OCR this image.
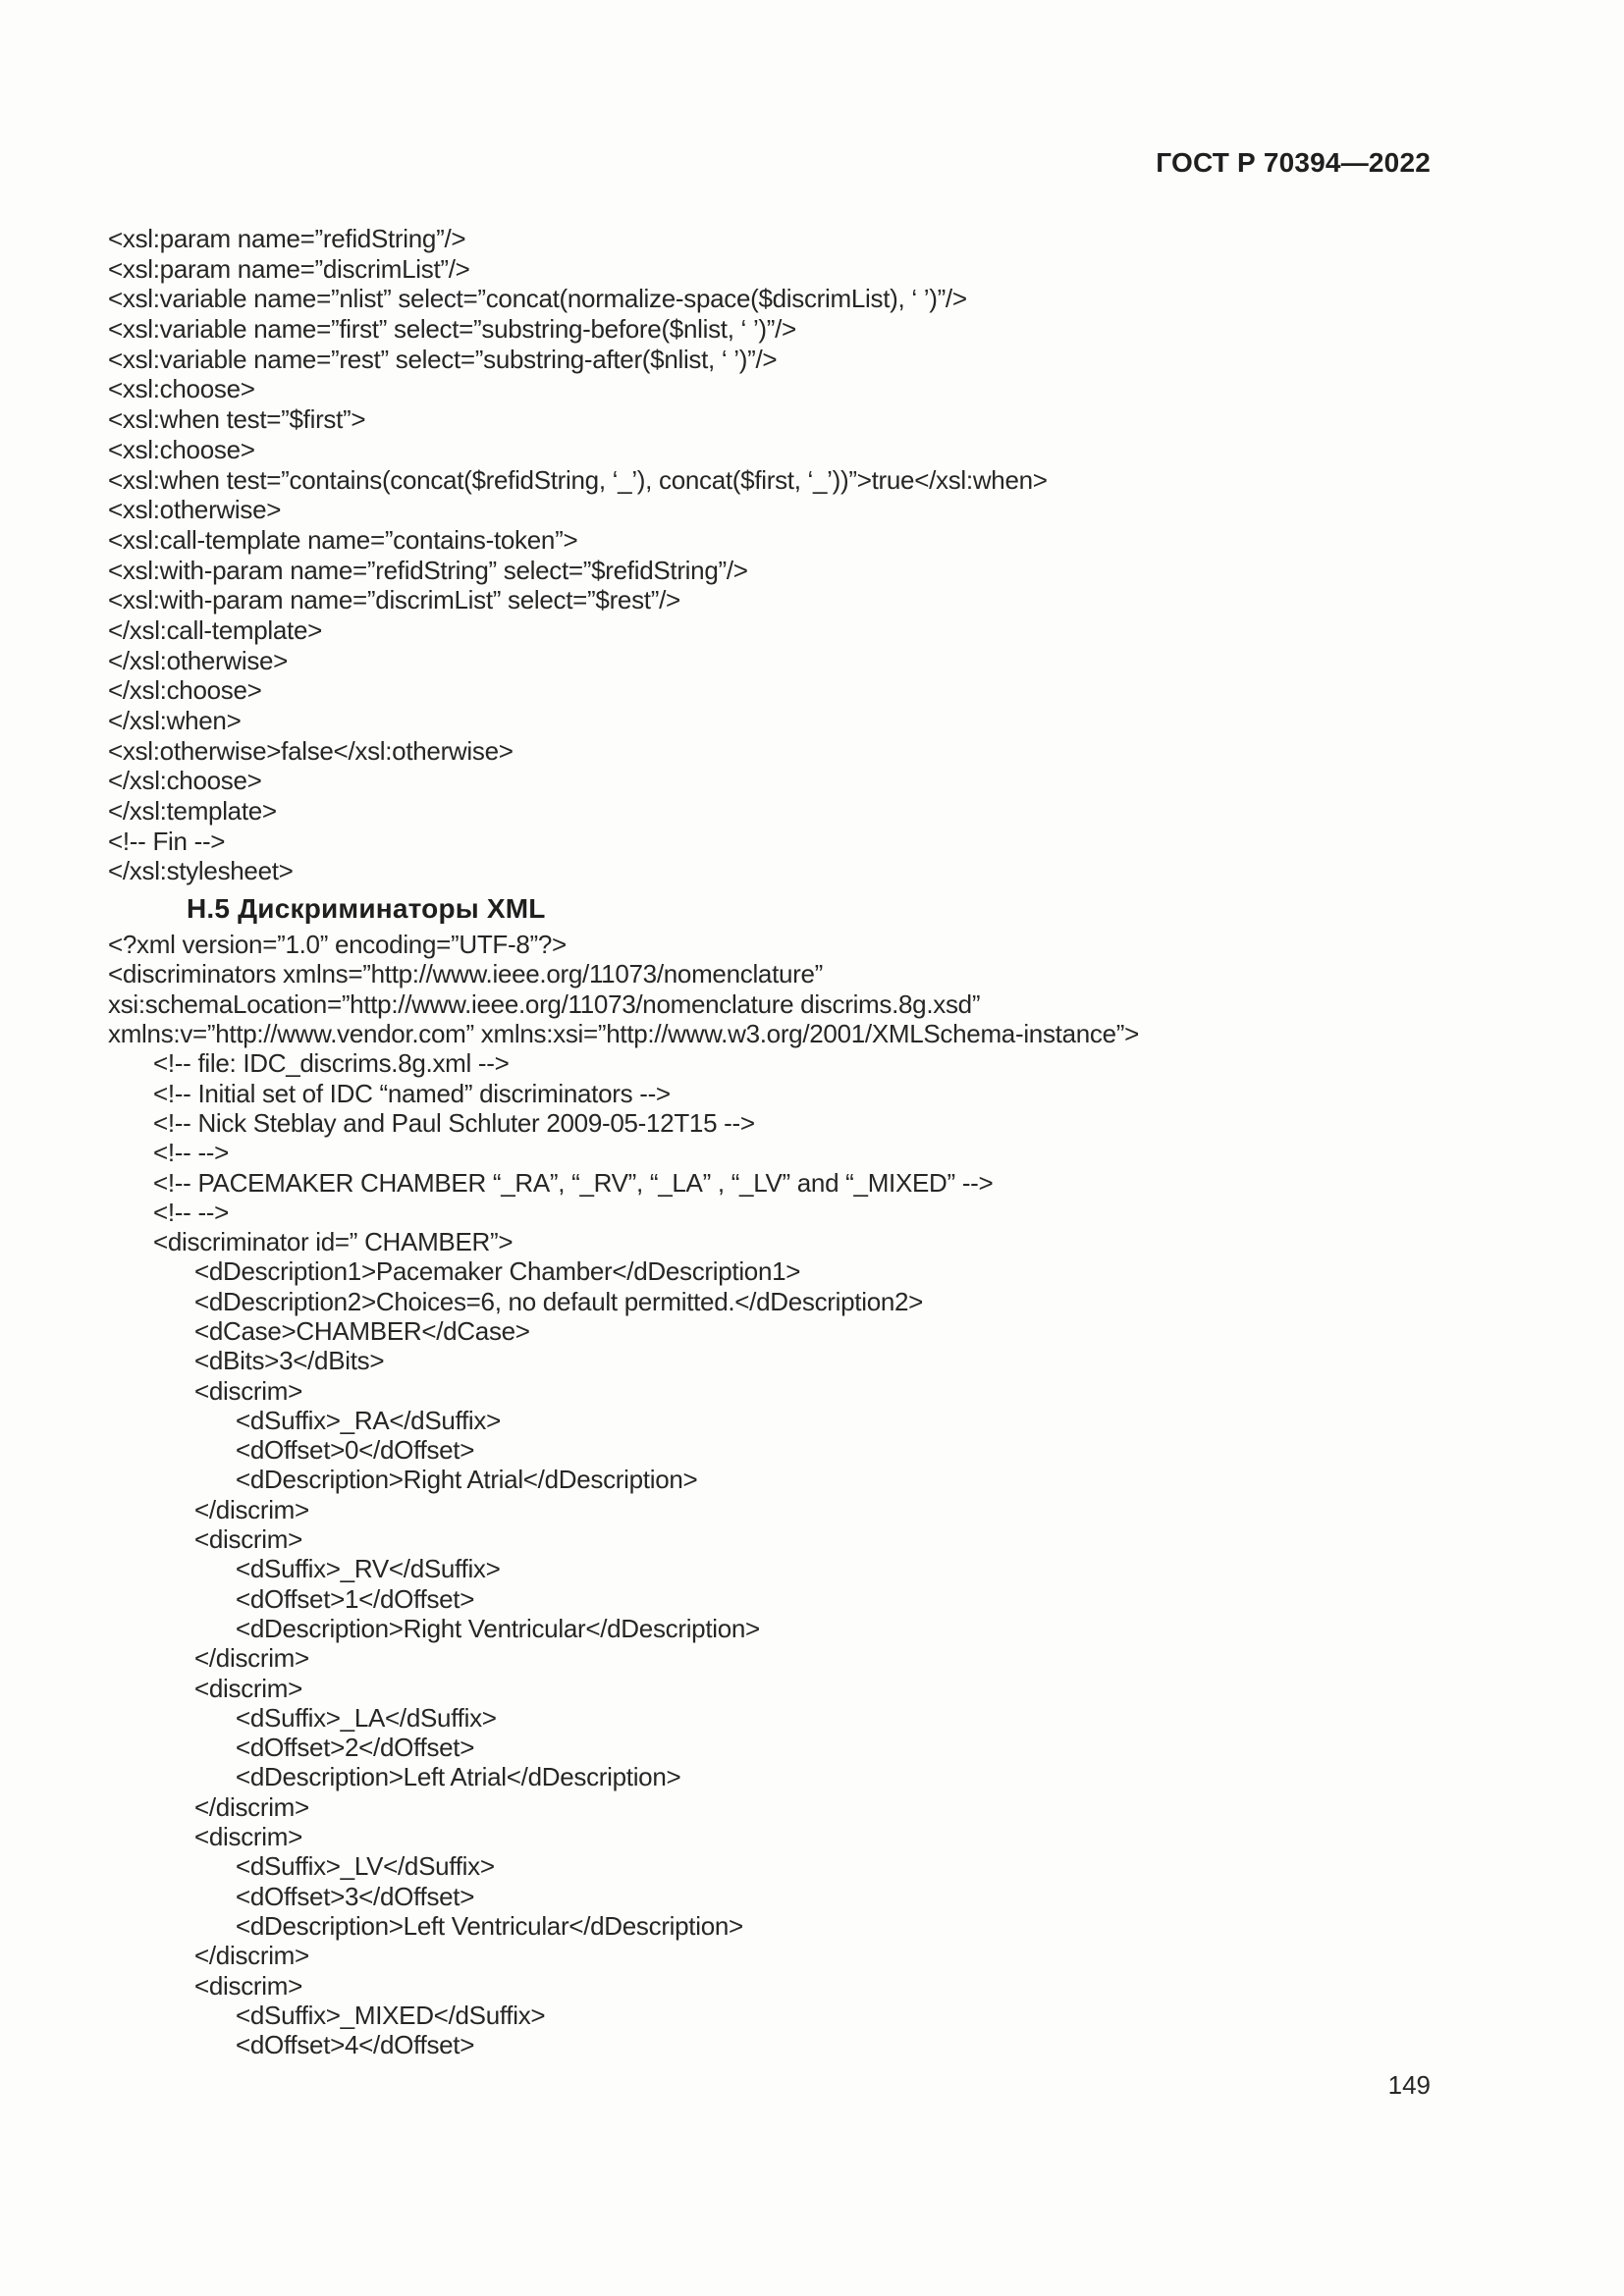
ГОСТ Р 70394—2022
<xsl:param name=”refidString”/>
<xsl:param name=”discrimList”/>
<xsl:variable name=”nlist” select=”concat(normalize-space($discrimList), ‘ ’)”/>
<xsl:variable name=”first” select=”substring-before($nlist, ‘ ’)”/>
<xsl:variable name=”rest” select=”substring-after($nlist, ‘ ’)”/>
<xsl:choose>
<xsl:when test=”$first”>
<xsl:choose>
<xsl:when test=”contains(concat($refidString, ‘_’), concat($first, ‘_’))”>true</xsl:when>
<xsl:otherwise>
<xsl:call-template name=”contains-token”>
<xsl:with-param name=”refidString” select=”$refidString”/>
<xsl:with-param name=”discrimList” select=”$rest”/>
</xsl:call-template>
</xsl:otherwise>
</xsl:choose>
</xsl:when>
<xsl:otherwise>false</xsl:otherwise>
</xsl:choose>
</xsl:template>
<!-- Fin -->
</xsl:stylesheet>
Н.5 Дискриминаторы XML
<?xml version=”1.0” encoding=”UTF-8”?>
<discriminators xmlns=”http://www.ieee.org/11073/nomenclature”
xsi:schemaLocation=”http://www.ieee.org/11073/nomenclature discrims.8g.xsd”
xmlns:v=”http://www.vendor.com” xmlns:xsi=”http://www.w3.org/2001/XMLSchema-instance”>
<!-- file: IDC_discrims.8g.xml -->
<!-- Initial set of IDC “named” discriminators -->
<!-- Nick Steblay and Paul Schluter 2009-05-12T15 -->
<!-- -->
<!-- PACEMAKER CHAMBER “_RA”, “_RV”, “_LA” , “_LV” and “_MIXED” -->
<!-- -->
<discriminator id=” CHAMBER”>
<dDescription1>Pacemaker Chamber</dDescription1>
<dDescription2>Choices=6, no default permitted.</dDescription2>
<dCase>CHAMBER</dCase>
<dBits>3</dBits>
<discrim>
<dSuffix>_RA</dSuffix>
<dOffset>0</dOffset>
<dDescription>Right Atrial</dDescription>
</discrim>
<discrim>
<dSuffix>_RV</dSuffix>
<dOffset>1</dOffset>
<dDescription>Right Ventricular</dDescription>
</discrim>
<discrim>
<dSuffix>_LA</dSuffix>
<dOffset>2</dOffset>
<dDescription>Left Atrial</dDescription>
</discrim>
<discrim>
<dSuffix>_LV</dSuffix>
<dOffset>3</dOffset>
<dDescription>Left Ventricular</dDescription>
</discrim>
<discrim>
<dSuffix>_MIXED</dSuffix>
<dOffset>4</dOffset>
149
